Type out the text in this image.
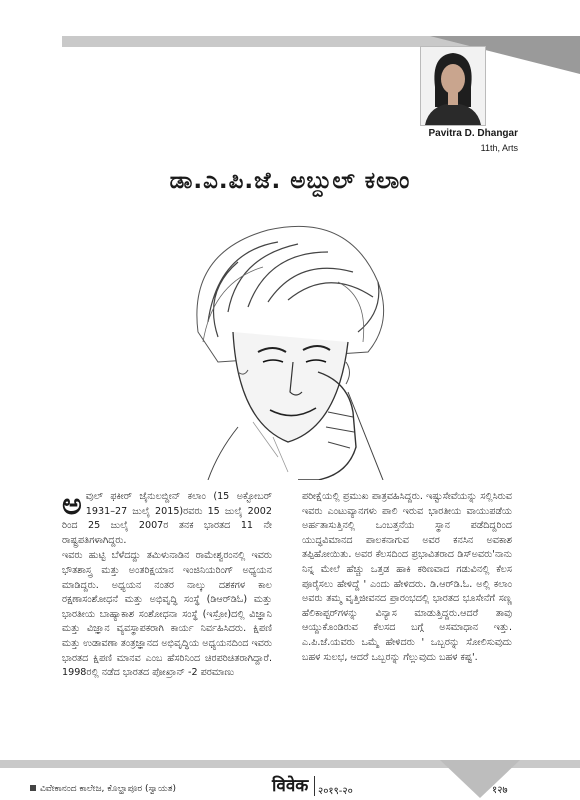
Pavitra D. Dhangar
11th, Arts
ಡಾ.ಎ.ಪಿ.ಜೆ. ಅಬ್ದುಲ್ ಕಲಾಂ
ಅ ವುಲ್ ಫಕೀರ್ ಜೈನುಲಬ್ದೀನ್ ಕಲಾಂ (15 ಅಕ್ಟೋಬರ್ 1931–27 ಜುಲೈ 2015)ರವರು 15 ಜುಲೈ 2002 ರಿಂದ 25 ಜುಲೈ 2007ರ ತನಕ ಭಾರತದ 11 ನೇ ರಾಷ್ಟ್ರಪತಿಗಳಾಗಿದ್ದರು.

ಇವರು ಹುಟ್ಟಿ ಬೆಳೆದದ್ದು ತಮಿಳುನಾಡಿನ ರಾಮೇಶ್ವರಂನಲ್ಲಿ ಇವರು ಭೌತಶಾಸ್ತ್ರ ಮತ್ತು ಅಂತರಿಕ್ಷಯಾನ ಇಂಜಿನಿಯರಿಂಗ್ ಅಧ್ಯಯನ ಮಾಡಿದ್ದರು. ಅಧ್ಯಯನ ನಂತರ ನಾಲ್ಕು ದಶಕಗಳ ಕಾಲ ರಕ್ಷಣಾಸಂಶೋಧನೆ ಮತ್ತು ಅಭಿವೃದ್ಧಿ ಸಂಸ್ಥೆ (ಡಿಆರ್‌ಡಿಓ) ಮತ್ತು ಭಾರತೀಯ ಬಾಹ್ಯಾಕಾಶ ಸಂಶೋಧನಾ ಸಂಸ್ಥೆ (ಇಸ್ರೋ)ದಲ್ಲಿ ವಿಜ್ಞಾನಿ ಮತ್ತು ವಿಜ್ಞಾನ ವ್ಯವಸ್ಥಾಪಕರಾಗಿ ಕಾರ್ಯ ನಿರ್ವಹಿಸಿದರು. ಕ್ಷಿಪಣಿ ಮತ್ತು ಉಡಾವಣಾ ತಂತ್ರಜ್ಞಾನದ ಅಭಿವೃದ್ಧಿಯ ಅಧ್ಯಯನದಿಂದ ಇವರು ಭಾರತದ ಕ್ಷಿಪಣಿ ಮಾನವ ಎಂಬ ಹೆಸರಿನಿಂದ ಚಿರಪರಿಚಿತರಾಗಿದ್ದಾರೆ. 1998ರಲ್ಲಿ ನಡೆದ ಭಾರತದ ಪೋಖ್ರಾನ್ -2 ಪರಮಾಣು

ಪರೀಕ್ಷೆಯಲ್ಲಿ ಪ್ರಮುಖ ಪಾತ್ರವಹಿಸಿದ್ದರು. ಇಷ್ಟುಸೇವೆಯನ್ನು ಸಲ್ಲಿಸಿರುವ ಇವರು ಎಂಟುವ್ಯಾನಗಳು ಪಾಲಿ ಇರುವ ಭಾರತೀಯ ವಾಯುಪಡೆಯ ಅರ್ಹತಾಸುತ್ತಿನಲ್ಲಿ ಒಂಬತ್ತನೆಯ ಸ್ಥಾನ ಪಡೆದಿದ್ದರಿಂದ ಯುದ್ಧವಿಮಾನದ ಪಾಲಕನಾಗುವ ಅವರ ಕನಸಿನ ಅವಕಾಶ ತಪ್ಪಿಹೋಯಿತು. ಅವರ ಕೆಲಸದಿಂದ ಪ್ರಭಾವಿತರಾದ ಡಿಸ್‌ಅವರು'ನಾನು ನಿನ್ನ ಮೇಲೆ ಹೆಚ್ಚು ಒತ್ತಡ ಹಾಕಿ ಕಠಿಣವಾದ ಗಡುವಿನಲ್ಲಿ ಕೆಲಸ ಪೂರೈಸಲು ಹೇಳಿದ್ದೆ ' ಎಂದು ಹೇಳಿದರು. ಡಿ.ಆರ್‌ಡಿ.ಓ. ಅಲ್ಲಿ ಕಲಾಂ ಅವರು ತಮ್ಮ ವೃತ್ತಿಜೀವನದ ಪ್ರಾರಂಭದಲ್ಲಿ ಭಾರತದ ಭೂಸೇನೆಗೆ ಸಣ್ಣ ಹೆಲಿಕಾಪ್ಟರ್‌ಗಳನ್ನು ವಿನ್ಯಾಸ ಮಾಡುತ್ತಿದ್ದರು.ಆದರೆ ತಾವು ಆಯ್ದುಕೊಂಡಿರುವ ಕೆಲಸದ ಬಗ್ಗೆ ಅಸಮಾಧಾನ ಇತ್ತು. ಎ.ಪಿ.ಜೆ.ಯವರು ಒಮ್ಮೆ ಹೇಳಿದರು ' ಒಬ್ಬರನ್ನು ಸೋಲಿಸುವುದು ಬಹಳ ಸುಲಭ, ಆದರೆ ಒಬ್ಬರನ್ನು ಗೆಲ್ಲುವುದು ಬಹಳ ಕಷ್ಟ'.

ವಿವೇಕಾನಂದ ಕಾಲೇಜ, ಕೊಲ್ಹಾಪೂರ (ಸ್ವಾಯತ)	विवेक २०१९-२०	१२७
